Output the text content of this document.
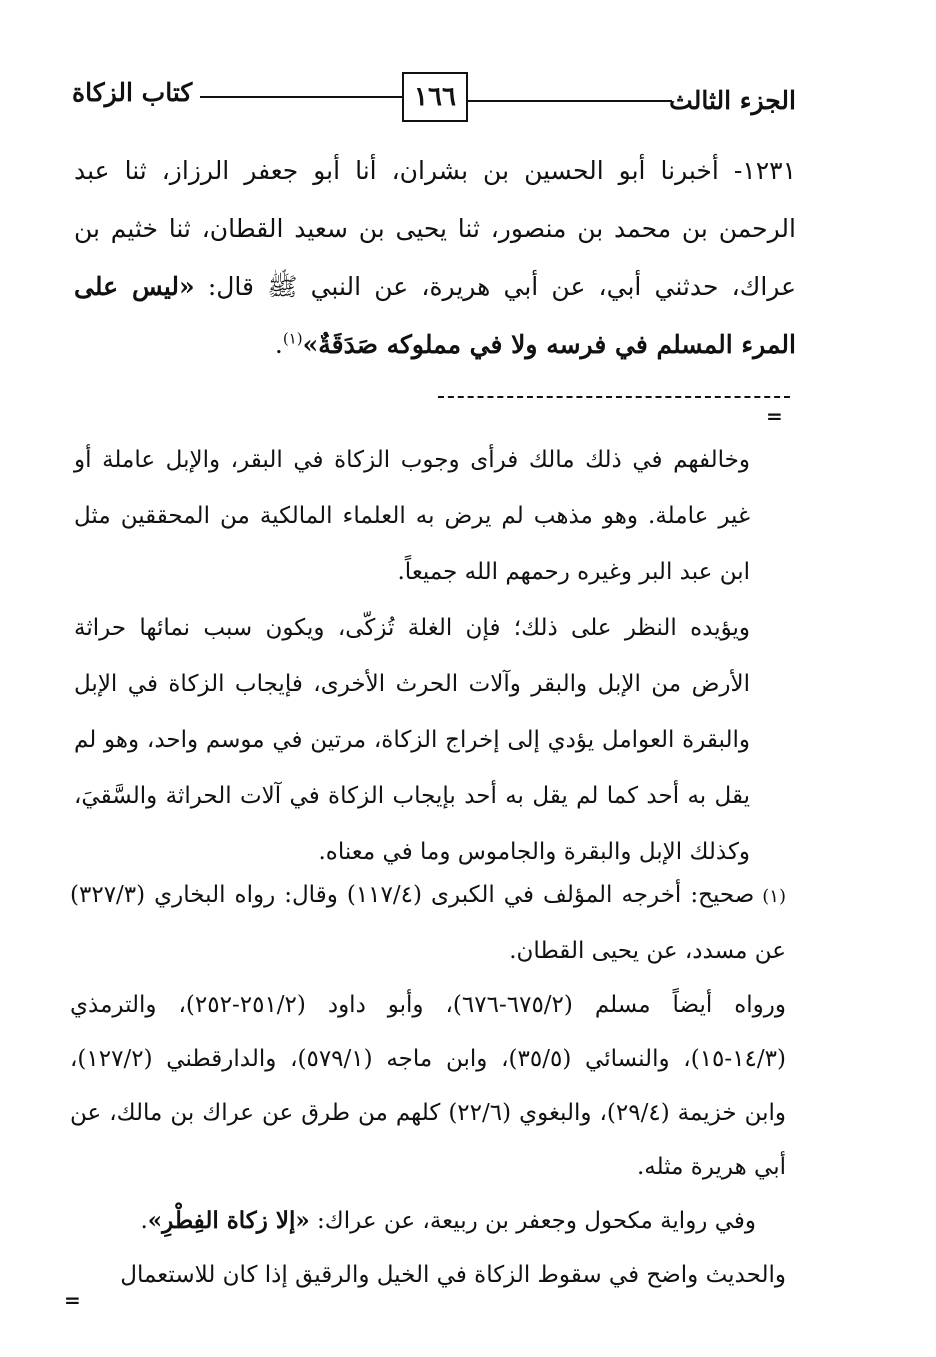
الجزء الثالث
١٦٦
كتاب الزكاة

١٢٣١- أخبرنا أبو الحسين بن بشران، أنا أبو جعفر الرزاز، ثنا عبد الرحمن بن محمد بن منصور، ثنا يحيى بن سعيد القطان، ثنا خثيم بن عراك، حدثني أبي، عن أبي هريرة، عن النبي ﷺ قال: «ليس على المرء المسلم في فرسه ولا في مملوكه صَدَقَةٌ»$^{(١)}$.

=

وخالفهم في ذلك مالك فرأى وجوب الزكاة في البقر، والإبل عاملة أو غير عاملة. وهو مذهب لم يرض به العلماء المالكية من المحققين مثل ابن عبد البر وغيره رحمهم الله جميعاً.

ويؤيده النظر على ذلك؛ فإن الغلة تُزكّى، ويكون سبب نمائها حراثة الأرض من الإبل والبقر وآلات الحرث الأخرى، فإيجاب الزكاة في الإبل والبقرة العوامل يؤدي إلى إخراج الزكاة، مرتين في موسم واحد، وهو لم يقل به أحد كما لم يقل به أحد بإيجاب الزكاة في آلات الحراثة والسَّقيَ، وكذلك الإبل والبقرة والجاموس وما في معناه.

(١)صحيح: أخرجه المؤلف في الكبرى (١١٧/٤) وقال: رواه البخاري (٣٢٧/٣) عن مسدد، عن يحيى القطان.

ورواه أيضاً مسلم (٦٧٥/٢-٦٧٦)، وأبو داود (٢٥١/٢-٢٥٢)، والترمذي (١٤/٣-١٥)، والنسائي (٣٥/٥)، وابن ماجه (٥٧٩/١)، والدارقطني (١٢٧/٢)، وابن خزيمة (٢٩/٤)، والبغوي (٢٢/٦) كلهم من طرق عن عراك بن مالك، عن أبي هريرة مثله.

وفي رواية مكحول وجعفر بن ربيعة، عن عراك: «إلا زكاة الفِطْرِ».

والحديث واضح في سقوط الزكاة في الخيل والرقيق إذا كان للاستعمال

=
